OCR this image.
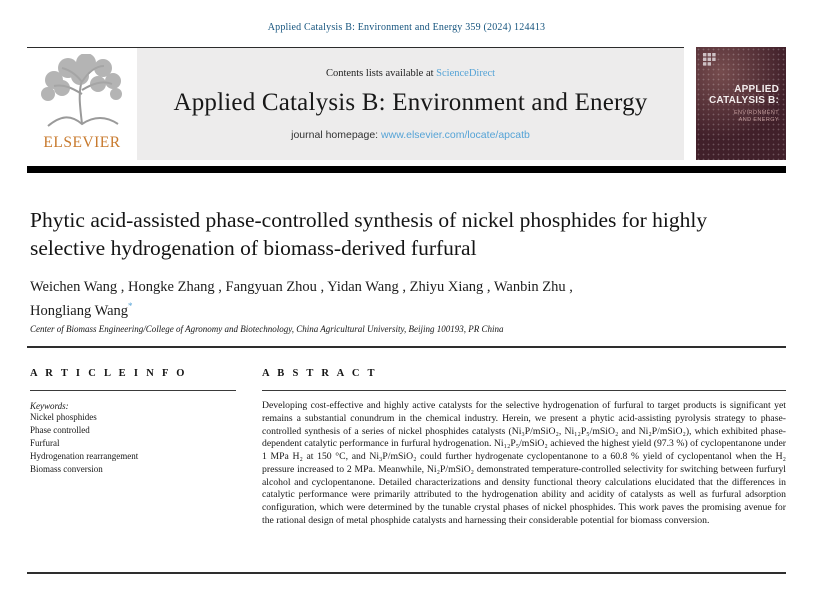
Applied Catalysis B: Environment and Energy 359 (2024) 124413
ELSEVIER
Contents lists available at ScienceDirect
Applied Catalysis B: Environment and Energy
journal homepage: www.elsevier.com/locate/apcatb
APPLIED
CATALYSIS B:
ENVIRONMENT
AND ENERGY
Phytic acid-assisted phase-controlled synthesis of nickel phosphides for highly selective hydrogenation of biomass-derived furfural
Weichen Wang , Hongke Zhang , Fangyuan Zhou , Yidan Wang , Zhiyu Xiang , Wanbin Zhu ,
Hongliang Wang*
Center of Biomass Engineering/College of Agronomy and Biotechnology, China Agricultural University, Beijing 100193, PR China
A R T I C L E I N F O
Keywords:
Nickel phosphides
Phase controlled
Furfural
Hydrogenation rearrangement
Biomass conversion
A B S T R A C T
Developing cost-effective and highly active catalysts for the selective hydrogenation of furfural to target products is significant yet remains a substantial conundrum in the chemical industry. Herein, we present a phytic acid-assisting pyrolysis strategy to phase-controlled synthesis of a series of nickel phosphides catalysts (Ni₃P/mSiO₂, Ni₁₂P₅/mSiO₂ and Ni₂P/mSiO₂), which exhibited phase-dependent catalytic performance in furfural hydrogenation. Ni₁₂P₅/mSiO₂ achieved the highest yield (97.3 %) of cyclopentanone under 1 MPa H₂ at 150 °C, and Ni₃P/mSiO₂ could further hydrogenate cyclopentanone to a 60.8 % yield of cyclopentanol when the H₂ pressure increased to 2 MPa. Meanwhile, Ni₂P/mSiO₂ demonstrated temperature-controlled selectivity for switching between furfuryl alcohol and cyclopentanone. Detailed characterizations and density functional theory calculations elucidated that the differences in catalytic performance were primarily attributed to the hydrogenation ability and acidity of catalysts as well as furfural adsorption configuration, which were determined by the tunable crystal phases of nickel phosphides. This work paves the promising avenue for the rational design of metal phosphide catalysts and harnessing their considerable potential for biomass conversion.
